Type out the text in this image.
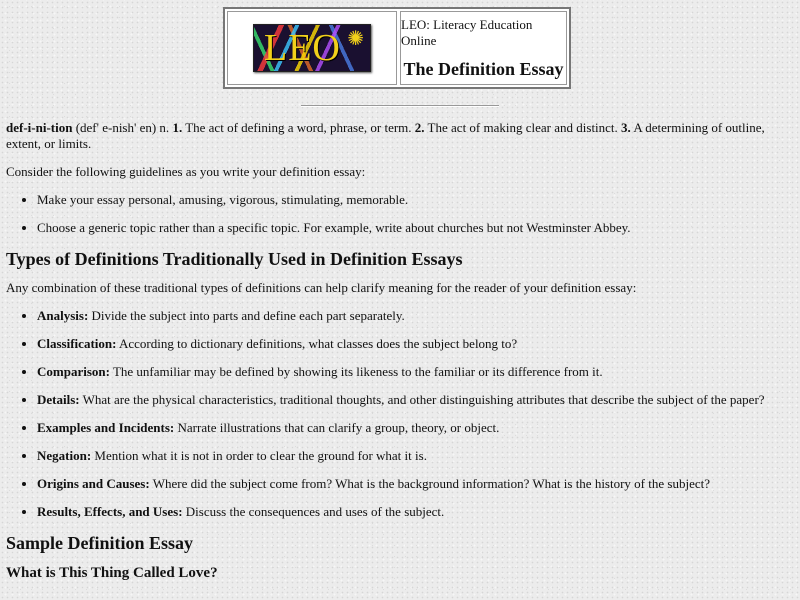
LEO ✺
LEO: Literacy Education Online
The Definition Essay

def-i-ni-tion (def' e-nish' en) n. 1. The act of defining a word, phrase, or term. 2. The act of making clear and distinct. 3. A determining of outline, extent, or limits.

Consider the following guidelines as you write your definition essay:

• Make your essay personal, amusing, vigorous, stimulating, memorable.
• Choose a generic topic rather than a specific topic. For example, write about churches but not Westminster Abbey.
Types of Definitions Traditionally Used in Definition Essays

Any combination of these traditional types of definitions can help clarify meaning for the reader of your definition essay:

• Analysis: Divide the subject into parts and define each part separately.
• Classification: According to dictionary definitions, what classes does the subject belong to?
• Comparison: The unfamiliar may be defined by showing its likeness to the familiar or its difference from it.
• Details: What are the physical characteristics, traditional thoughts, and other distinguishing attributes that describe the subject of the paper?
• Examples and Incidents: Narrate illustrations that can clarify a group, theory, or object.
• Negation: Mention what it is not in order to clear the ground for what it is.
• Origins and Causes: Where did the subject come from? What is the background information? What is the history of the subject?
• Results, Effects, and Uses: Discuss the consequences and uses of the subject.
Sample Definition Essay
What is This Thing Called Love?
